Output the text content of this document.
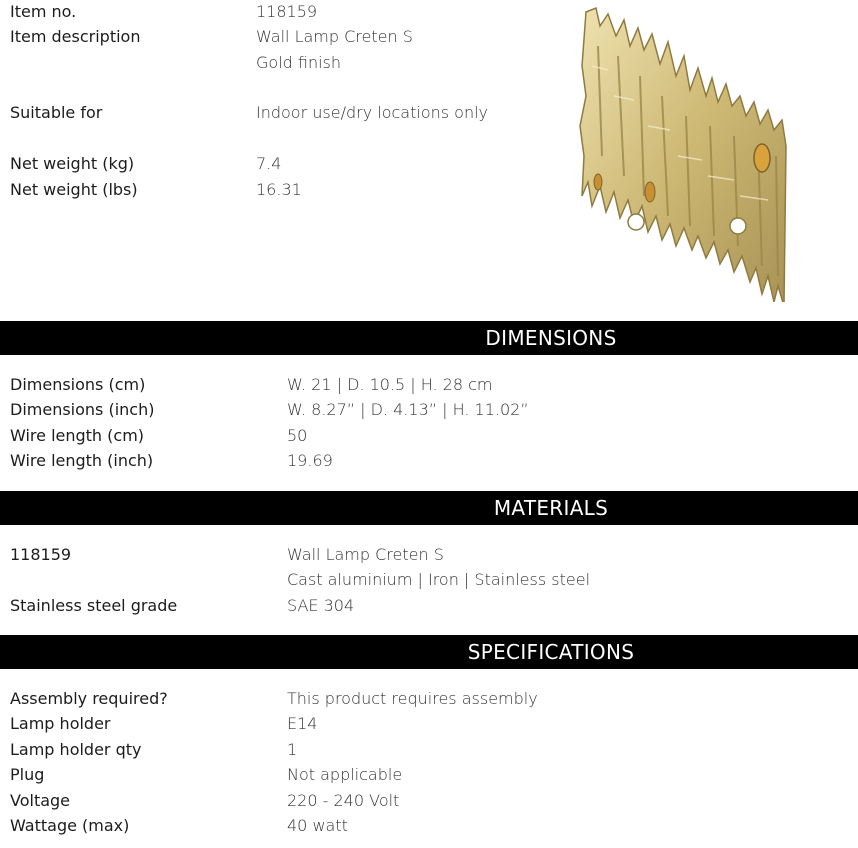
Item no.	118159
Item description	Wall Lamp Creten S
Gold finish
Suitable for	Indoor use/dry locations only
Net weight (kg)	7.4
Net weight (lbs)	16.31
DIMENSIONS
Dimensions (cm)	W. 21 | D. 10.5 | H. 28 cm
Dimensions (inch)	W. 8.27” | D. 4.13” | H. 11.02”
Wire length (cm)	50
Wire length (inch)	19.69
MATERIALS
118159	Wall Lamp Creten S
Cast aluminium | Iron | Stainless steel
Stainless steel grade	SAE 304
SPECIFICATIONS
Assembly required?	This product requires assembly
Lamp holder	E14
Lamp holder qty	1
Plug	Not applicable
Voltage	220 - 240 Volt
Wattage (max)	40 watt
